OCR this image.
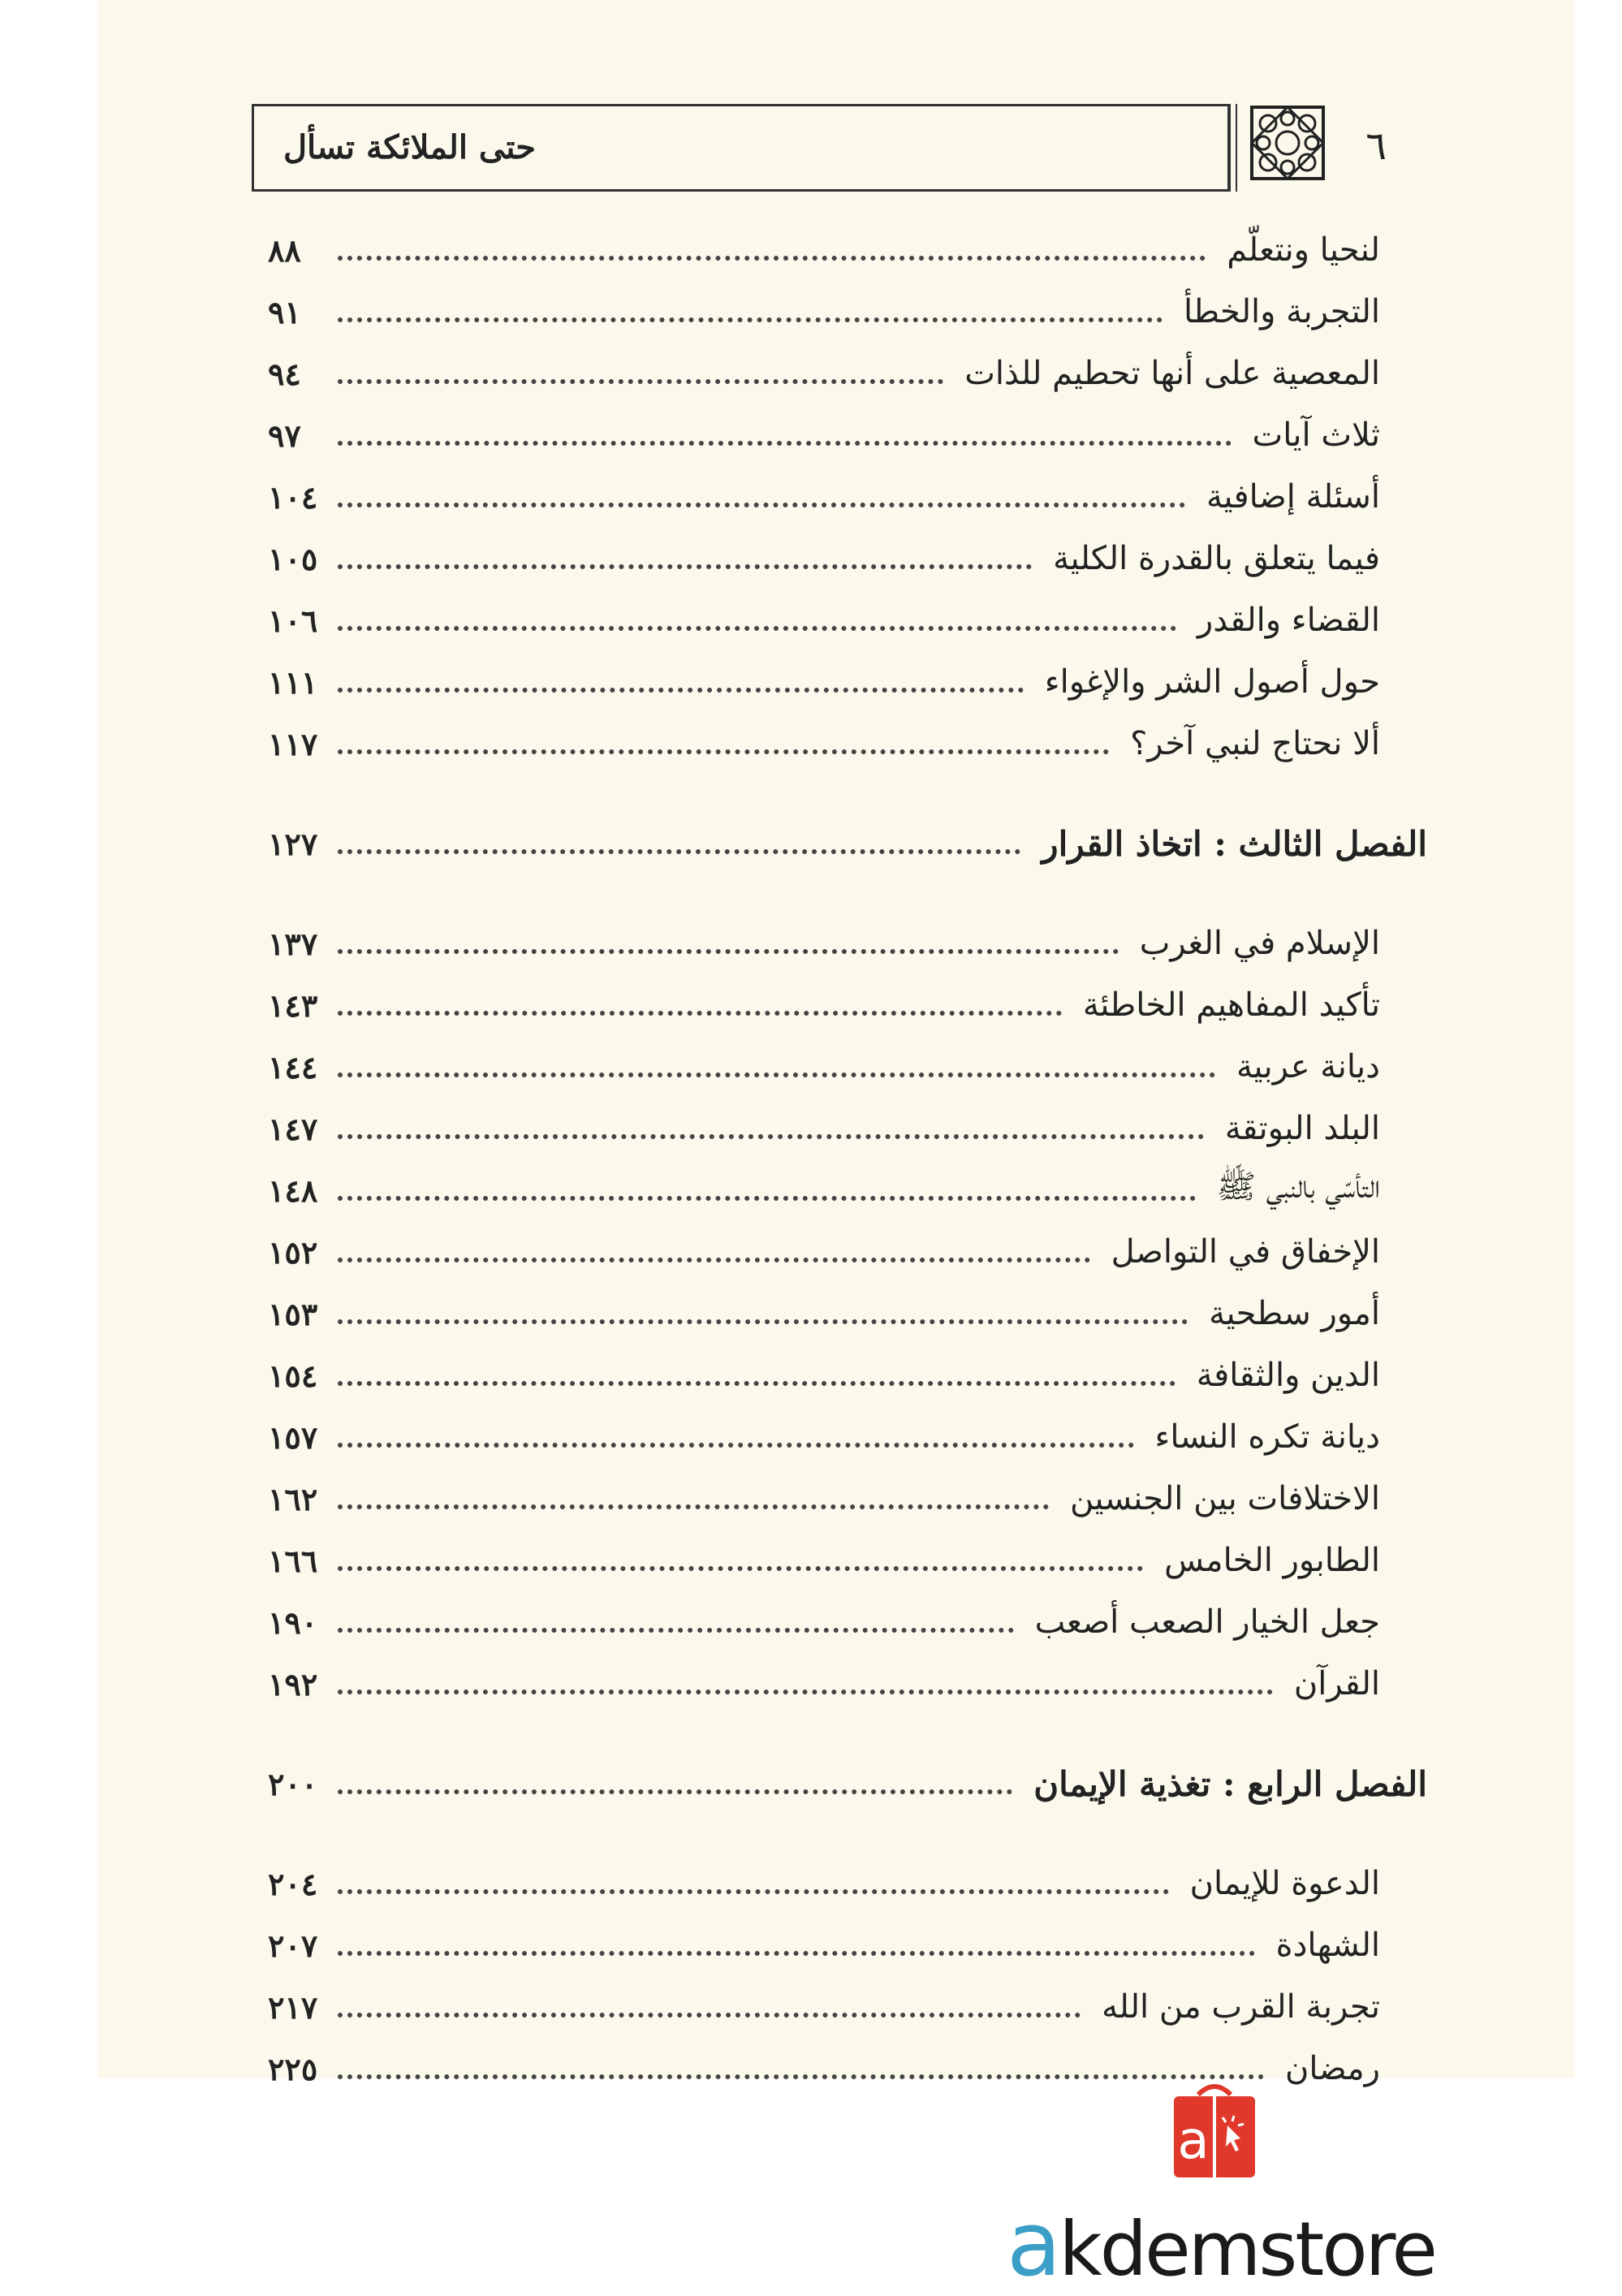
٦
حتى الملائكة تسأل
لنحيا ونتعلّم
٨٨
التجربة والخطأ
٩١
المعصية على أنها تحطيم للذات
٩٤
ثلاث آيات
٩٧
أسئلة إضافية
١٠٤
فيما يتعلق بالقدرة الكلية
١٠٥
القضاء والقدر
١٠٦
حول أصول الشر والإغواء
١١١
ألا نحتاج لنبي آخر؟
١١٧
الفصل الثالث : اتخاذ القرار
١٢٧
الإسلام في الغرب
١٣٧
تأكيد المفاهيم الخاطئة
١٤٣
ديانة عربية
١٤٤
البلد البوتقة
١٤٧
التأسّي بالنبي ﷺ
١٤٨
الإخفاق في التواصل
١٥٢
أمور سطحية
١٥٣
الدين والثقافة
١٥٤
ديانة تكره النساء
١٥٧
الاختلافات بين الجنسين
١٦٢
الطابور الخامس
١٦٦
جعل الخيار الصعب أصعب
١٩٠
القرآن
١٩٢
الفصل الرابع : تغذية الإيمان
٢٠٠
الدعوة للإيمان
٢٠٤
الشهادة
٢٠٧
تجربة القرب من الله
٢١٧
رمضان
٢٢٥
a
akdemstore
